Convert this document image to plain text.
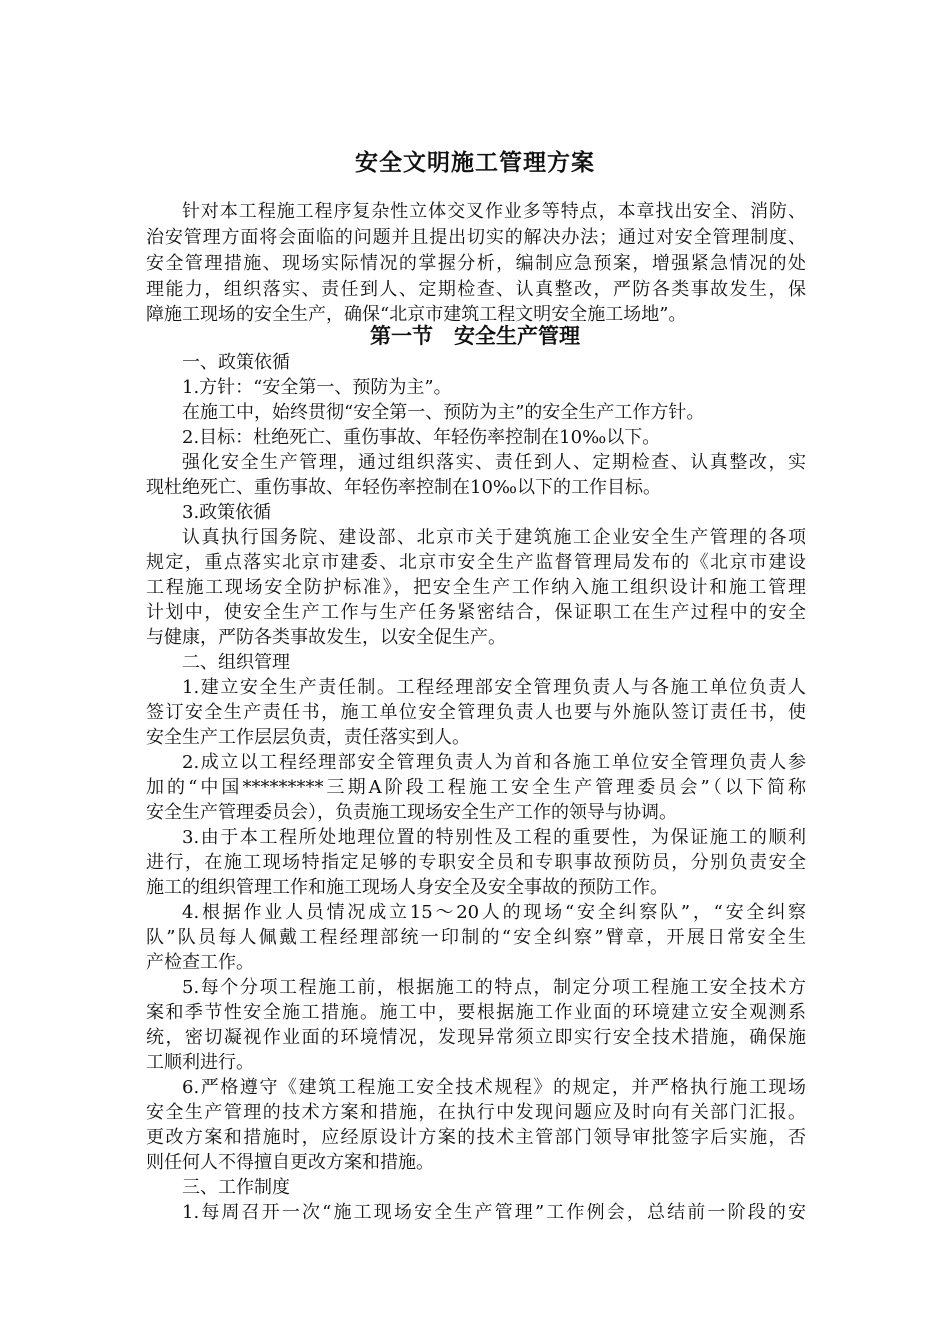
安全文明施工管理方案
针对本工程施工程序复杂性立体交叉作业多等特点，本章找出安全、消防、
治安管理方面将会面临的问题并且提出切实的解决办法；通过对安全管理制度、
安全管理措施、现场实际情况的掌握分析，编制应急预案，增强紧急情况的处
理能力，组织落实、责任到人、定期检查、认真整改，严防各类事故发生，保
障施工现场的安全生产，确保“北京市建筑工程文明安全施工场地”。
第一节　安全生产管理
一、政策依循
1.方针：“安全第一、预防为主”。
在施工中，始终贯彻“安全第一、预防为主”的安全生产工作方针。
2.目标：杜绝死亡、重伤事故、年轻伤率控制在10‰以下。
强化安全生产管理，通过组织落实、责任到人、定期检查、认真整改，实
现杜绝死亡、重伤事故、年轻伤率控制在10‰以下的工作目标。
3.政策依循
认真执行国务院、建设部、北京市关于建筑施工企业安全生产管理的各项
规定，重点落实北京市建委、北京市安全生产监督管理局发布的《北京市建设
工程施工现场安全防护标准》，把安全生产工作纳入施工组织设计和施工管理
计划中，使安全生产工作与生产任务紧密结合，保证职工在生产过程中的安全
与健康，严防各类事故发生，以安全促生产。
二、组织管理
1.建立安全生产责任制。工程经理部安全管理负责人与各施工单位负责人
签订安全生产责任书，施工单位安全管理负责人也要与外施队签订责任书，使
安全生产工作层层负责，责任落实到人。
2.成立以工程经理部安全管理负责人为首和各施工单位安全管理负责人参
加的“中国*********三期A阶段工程施工安全生产管理委员会”（以下简称
安全生产管理委员会），负责施工现场安全生产工作的领导与协调。
3.由于本工程所处地理位置的特别性及工程的重要性，为保证施工的顺利
进行，在施工现场特指定足够的专职安全员和专职事故预防员，分别负责安全
施工的组织管理工作和施工现场人身安全及安全事故的预防工作。
4.根据作业人员情况成立15～20人的现场“安全纠察队”，“安全纠察
队”队员每人佩戴工程经理部统一印制的“安全纠察”臂章，开展日常安全生
产检查工作。
5.每个分项工程施工前，根据施工的特点，制定分项工程施工安全技术方
案和季节性安全施工措施。施工中，要根据施工作业面的环境建立安全观测系
统，密切凝视作业面的环境情况，发现异常须立即实行安全技术措施，确保施
工顺利进行。
6.严格遵守《建筑工程施工安全技术规程》的规定，并严格执行施工现场
安全生产管理的技术方案和措施，在执行中发现问题应及时向有关部门汇报。
更改方案和措施时，应经原设计方案的技术主管部门领导审批签字后实施，否
则任何人不得擅自更改方案和措施。
三、工作制度
1.每周召开一次“施工现场安全生产管理”工作例会，总结前一阶段的安
